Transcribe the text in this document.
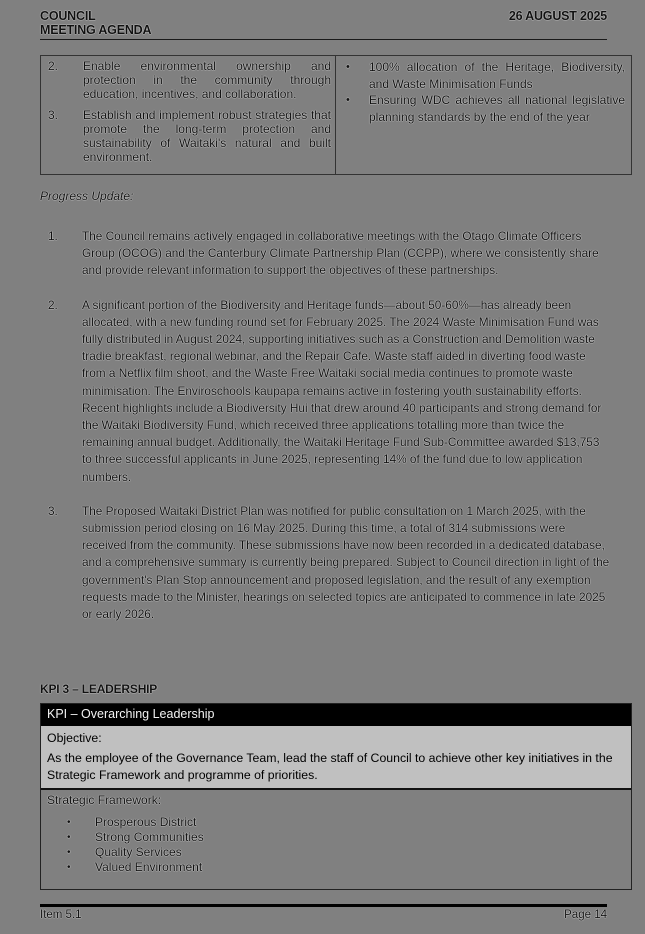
COUNCIL
MEETING AGENDA
26 AUGUST 2025
2.	Enable environmental ownership and protection in the community through education, incentives, and collaboration.
3.	Establish and implement robust strategies that promote the long-term protection and sustainability of Waitaki's natural and built environment.
•	100% allocation of the Heritage, Biodiversity, and Waste Minimisation Funds
•	Ensuring WDC achieves all national legislative planning standards by the end of the year
Progress Update:
1.	The Council remains actively engaged in collaborative meetings with the Otago Climate Officers Group (OCOG) and the Canterbury Climate Partnership Plan (CCPP), where we consistently share and provide relevant information to support the objectives of these partnerships.
2.	A significant portion of the Biodiversity and Heritage funds—about 50-60%—has already been allocated, with a new funding round set for February 2025. The 2024 Waste Minimisation Fund was fully distributed in August 2024, supporting initiatives such as a Construction and Demolition waste tradie breakfast, regional webinar, and the Repair Cafe. Waste staff aided in diverting food waste from a Netflix film shoot, and the Waste Free Waitaki social media continues to promote waste minimisation. The Enviroschools kaupapa remains active in fostering youth sustainability efforts. Recent highlights include a Biodiversity Hui that drew around 40 participants and strong demand for the Waitaki Biodiversity Fund, which received three applications totalling more than twice the remaining annual budget. Additionally, the Waitaki Heritage Fund Sub-Committee awarded $13,753 to three successful applicants in June 2025, representing 14% of the fund due to low application numbers.
3.	The Proposed Waitaki District Plan was notified for public consultation on 1 March 2025, with the submission period closing on 16 May 2025. During this time, a total of 314 submissions were received from the community. These submissions have now been recorded in a dedicated database, and a comprehensive summary is currently being prepared. Subject to Council direction in light of the government's Plan Stop announcement and proposed legislation, and the result of any exemption requests made to the Minister, hearings on selected topics are anticipated to commence in late 2025 or early 2026.
KPI 3 – LEADERSHIP
KPI – Overarching Leadership
Objective:
As the employee of the Governance Team, lead the staff of Council to achieve other key initiatives in the Strategic Framework and programme of priorities.
Strategic Framework:
•	Prosperous District
•	Strong Communities
•	Quality Services
•	Valued Environment
Item 5.1	Page 14
